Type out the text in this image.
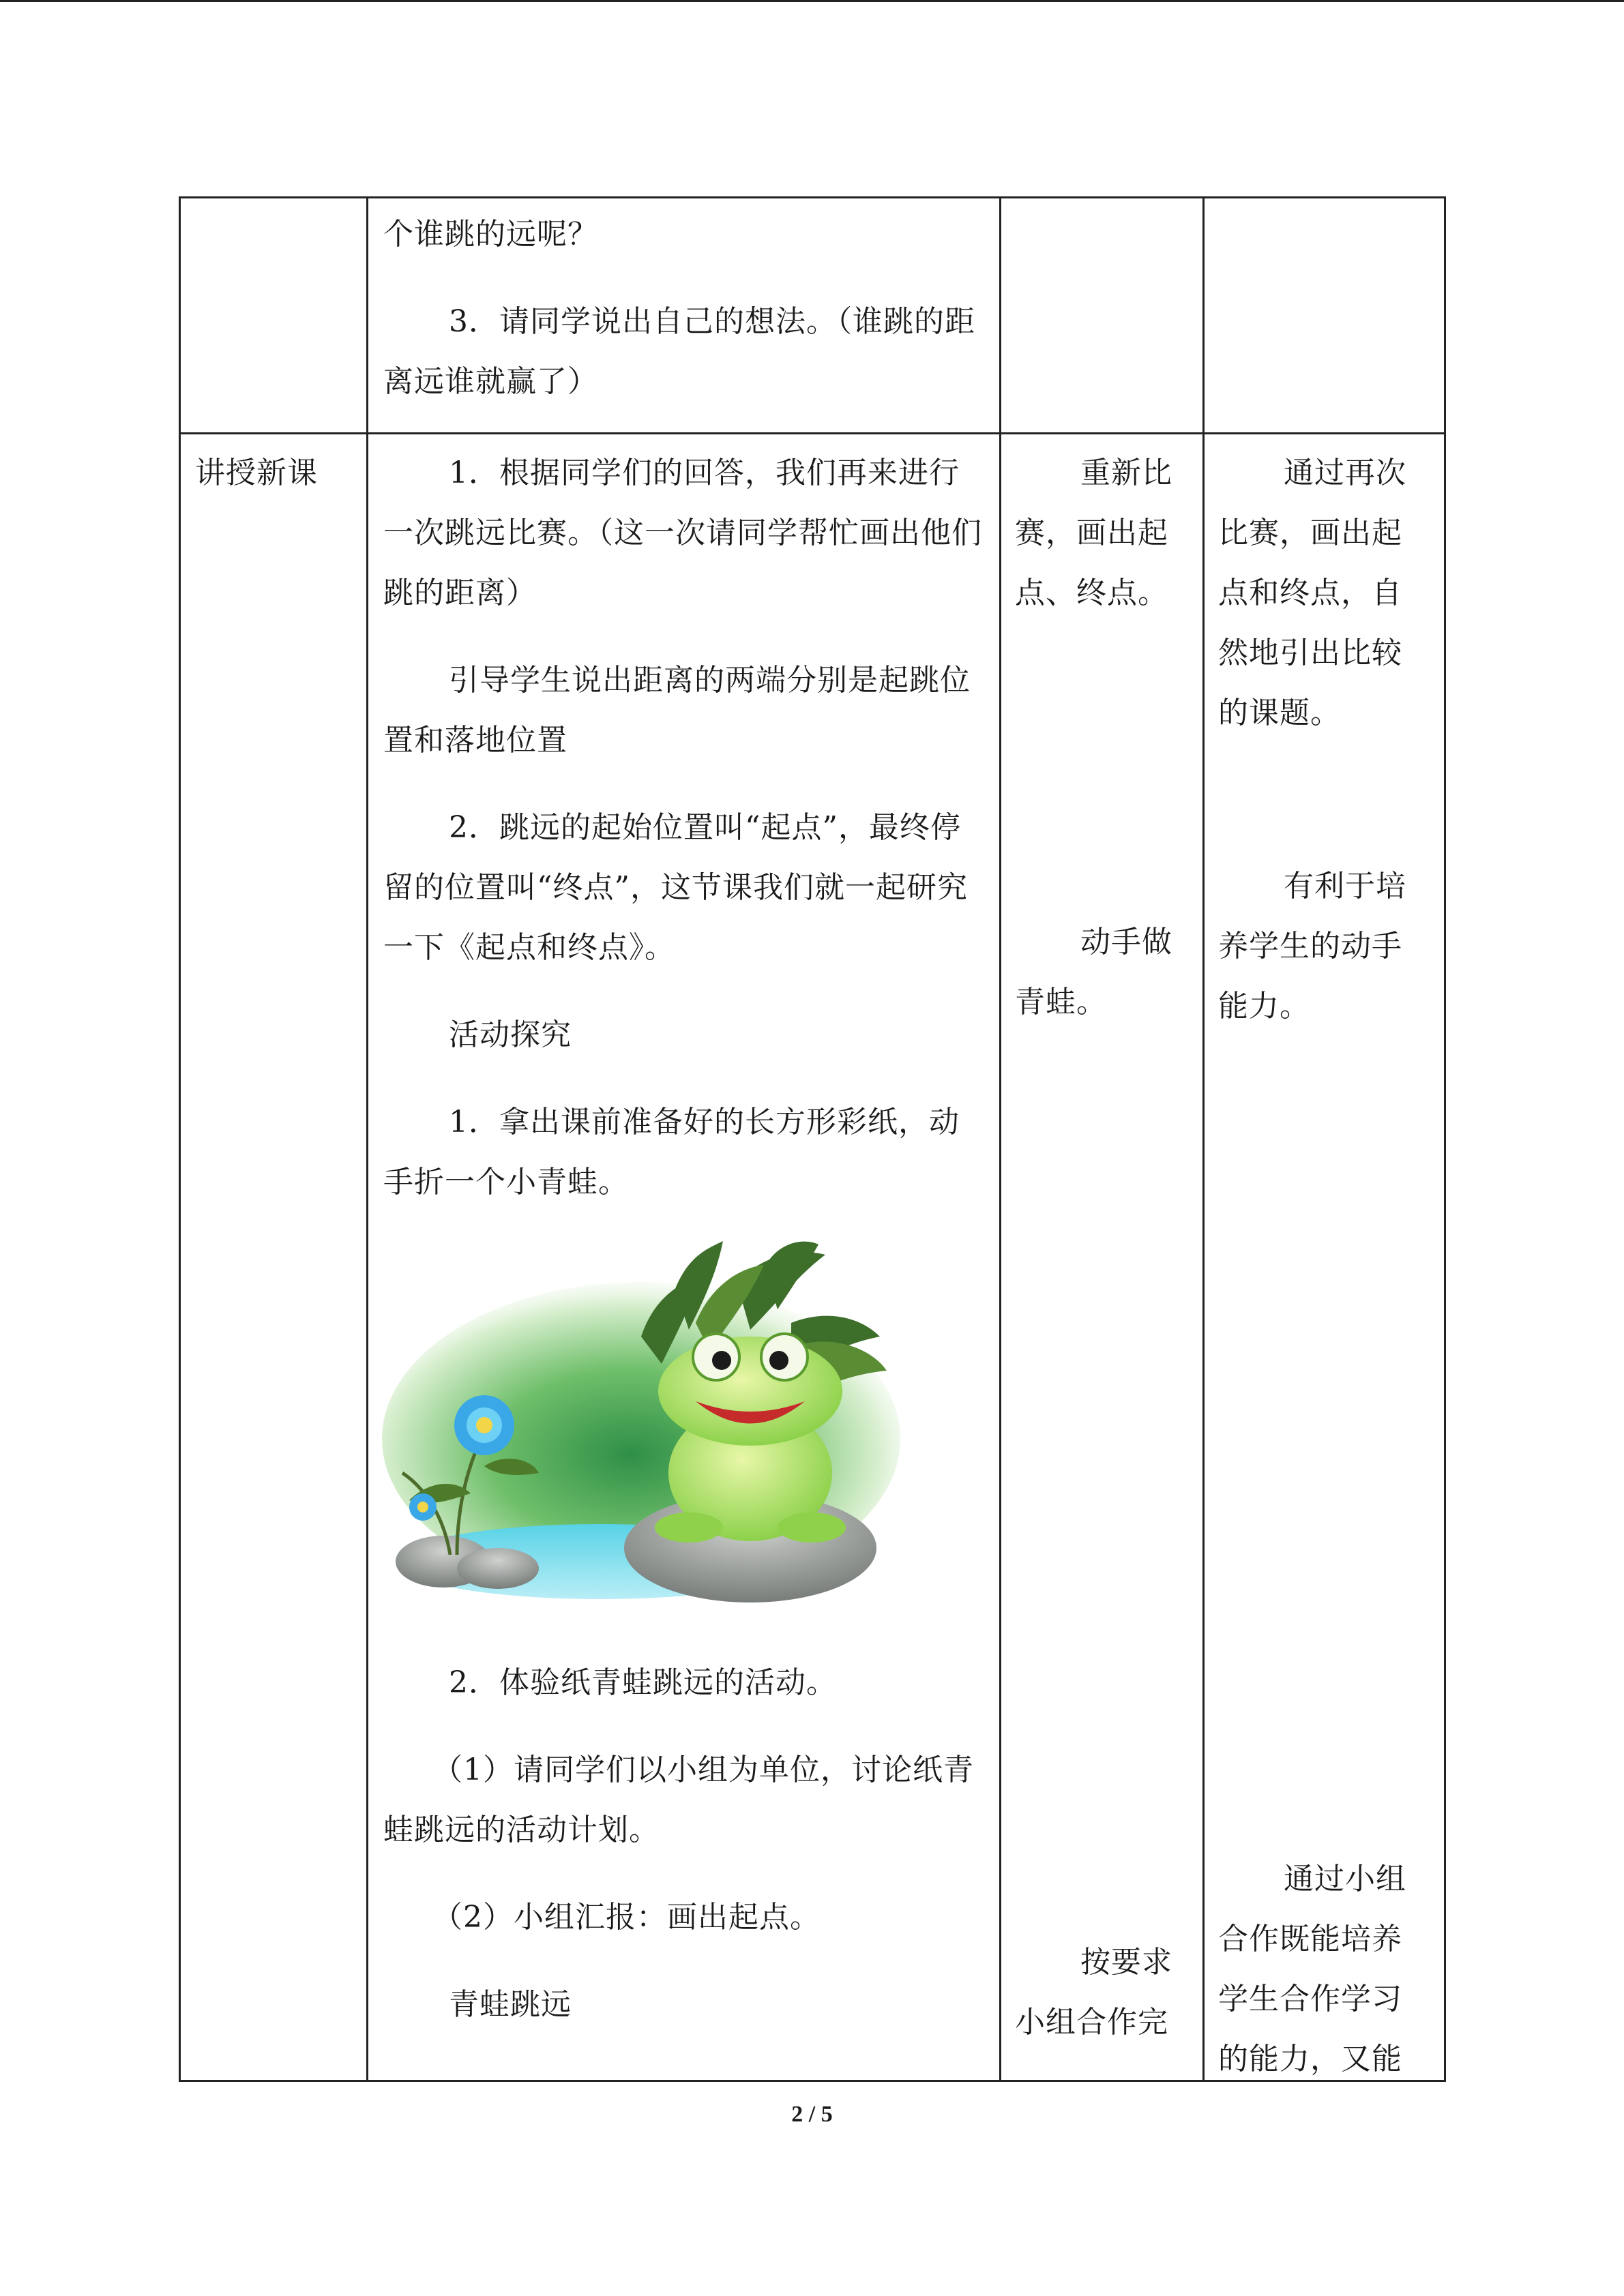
个谁跳的远呢？

3．请同学说出自己的想法。（谁跳的距离远谁就赢了）

讲授新课	1．根据同学们的回答，我们再来进行一次跳远比赛。（这一次请同学帮忙画出他们跳的距离）

引导学生说出距离的两端分别是起跳位置和落地位置

2．跳远的起始位置叫“起点”，最终停留的位置叫“终点”，这节课我们就一起研究一下《起点和终点》。

活动探究

1．拿出课前准备好的长方形彩纸，动手折一个小青蛙。

2．体验纸青蛙跳远的活动。

（1）请同学们以小组为单位，讨论纸青蛙跳远的活动计划。

（2）小组汇报：画出起点。

青蛙跳远

重新比赛，画出起点、终点。

动手做青蛙。

按要求小组合作完

通过再次比赛，画出起点和终点，自然地引出比较的课题。

有利于培养学生的动手能力。

通过小组合作既能培养学生合作学习的能力，又能

2 / 5
